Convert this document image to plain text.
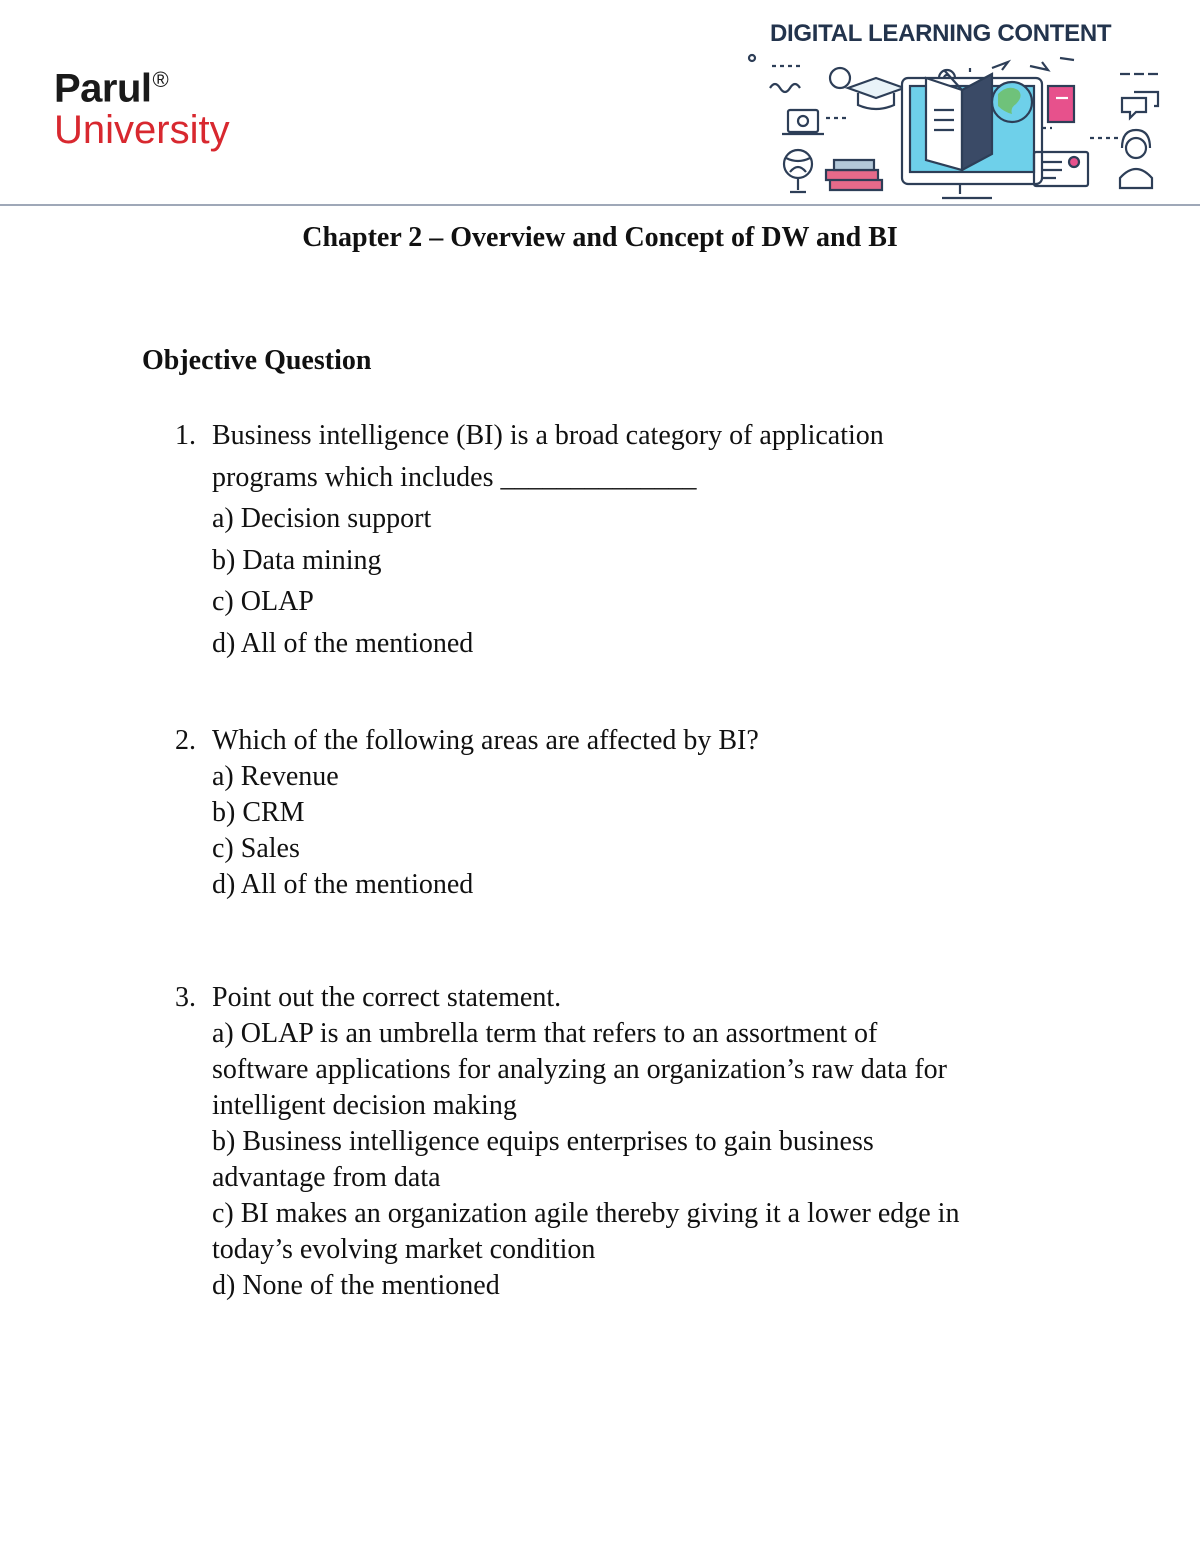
Parul®
University
DIGITAL LEARNING CONTENT
Chapter 2 – Overview and Concept of DW and BI
Objective Question
1. Business intelligence (BI) is a broad category of application
programs which includes ______________
a) Decision support
b) Data mining
c) OLAP
d) All of the mentioned
2. Which of the following areas are affected by BI?
a) Revenue
b) CRM
c) Sales
d) All of the mentioned
3. Point out the correct statement.
a) OLAP is an umbrella term that refers to an assortment of
software applications for analyzing an organization’s raw data for
intelligent decision making
b) Business intelligence equips enterprises to gain business
advantage from data
c) BI makes an organization agile thereby giving it a lower edge in
today’s evolving market condition
d) None of the mentioned
